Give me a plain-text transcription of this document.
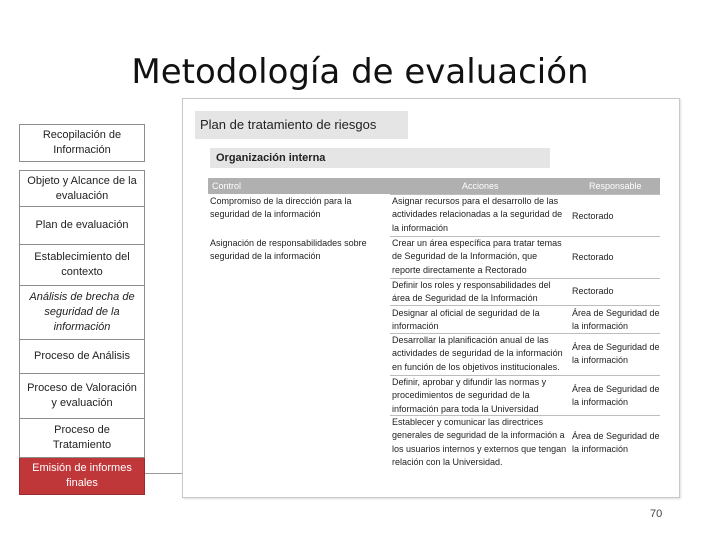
Metodología de evaluación
Recopilación de Información
Objeto y Alcance de la evaluación
Plan de evaluación
Establecimiento del contexto
Análisis de brecha de seguridad de la información
Proceso de Análisis
Proceso de Valoración y evaluación
Proceso de Tratamiento
Emisión de informes finales
Plan de tratamiento de riesgos
Organización interna
Control	Acciones	Responsable
Compromiso de la dirección para la seguridad de la información
Asignación de responsabilidades sobre seguridad de la información
Asignar recursos para el desarrollo de las actividades relacionadas a la seguridad de la información
Crear un área específica para tratar temas de Seguridad de la Información, que reporte directamente a Rectorado
Definir los roles y responsabilidades del área de Seguridad de la Información
Designar al oficial de seguridad de la información
Desarrollar la planificación anual de las actividades de seguridad de la información en función de los objetivos institucionales.
Definir, aprobar y difundir las normas y procedimientos de seguridad de la información para toda la Universidad
Establecer y comunicar las directrices generales de seguridad de la información a los usuarios internos y externos que tengan relación con la Universidad.
Rectorado
Rectorado
Rectorado
Área de Seguridad de la información
Área de Seguridad de la información
Área de Seguridad de la información
Área de Seguridad de la información
70
